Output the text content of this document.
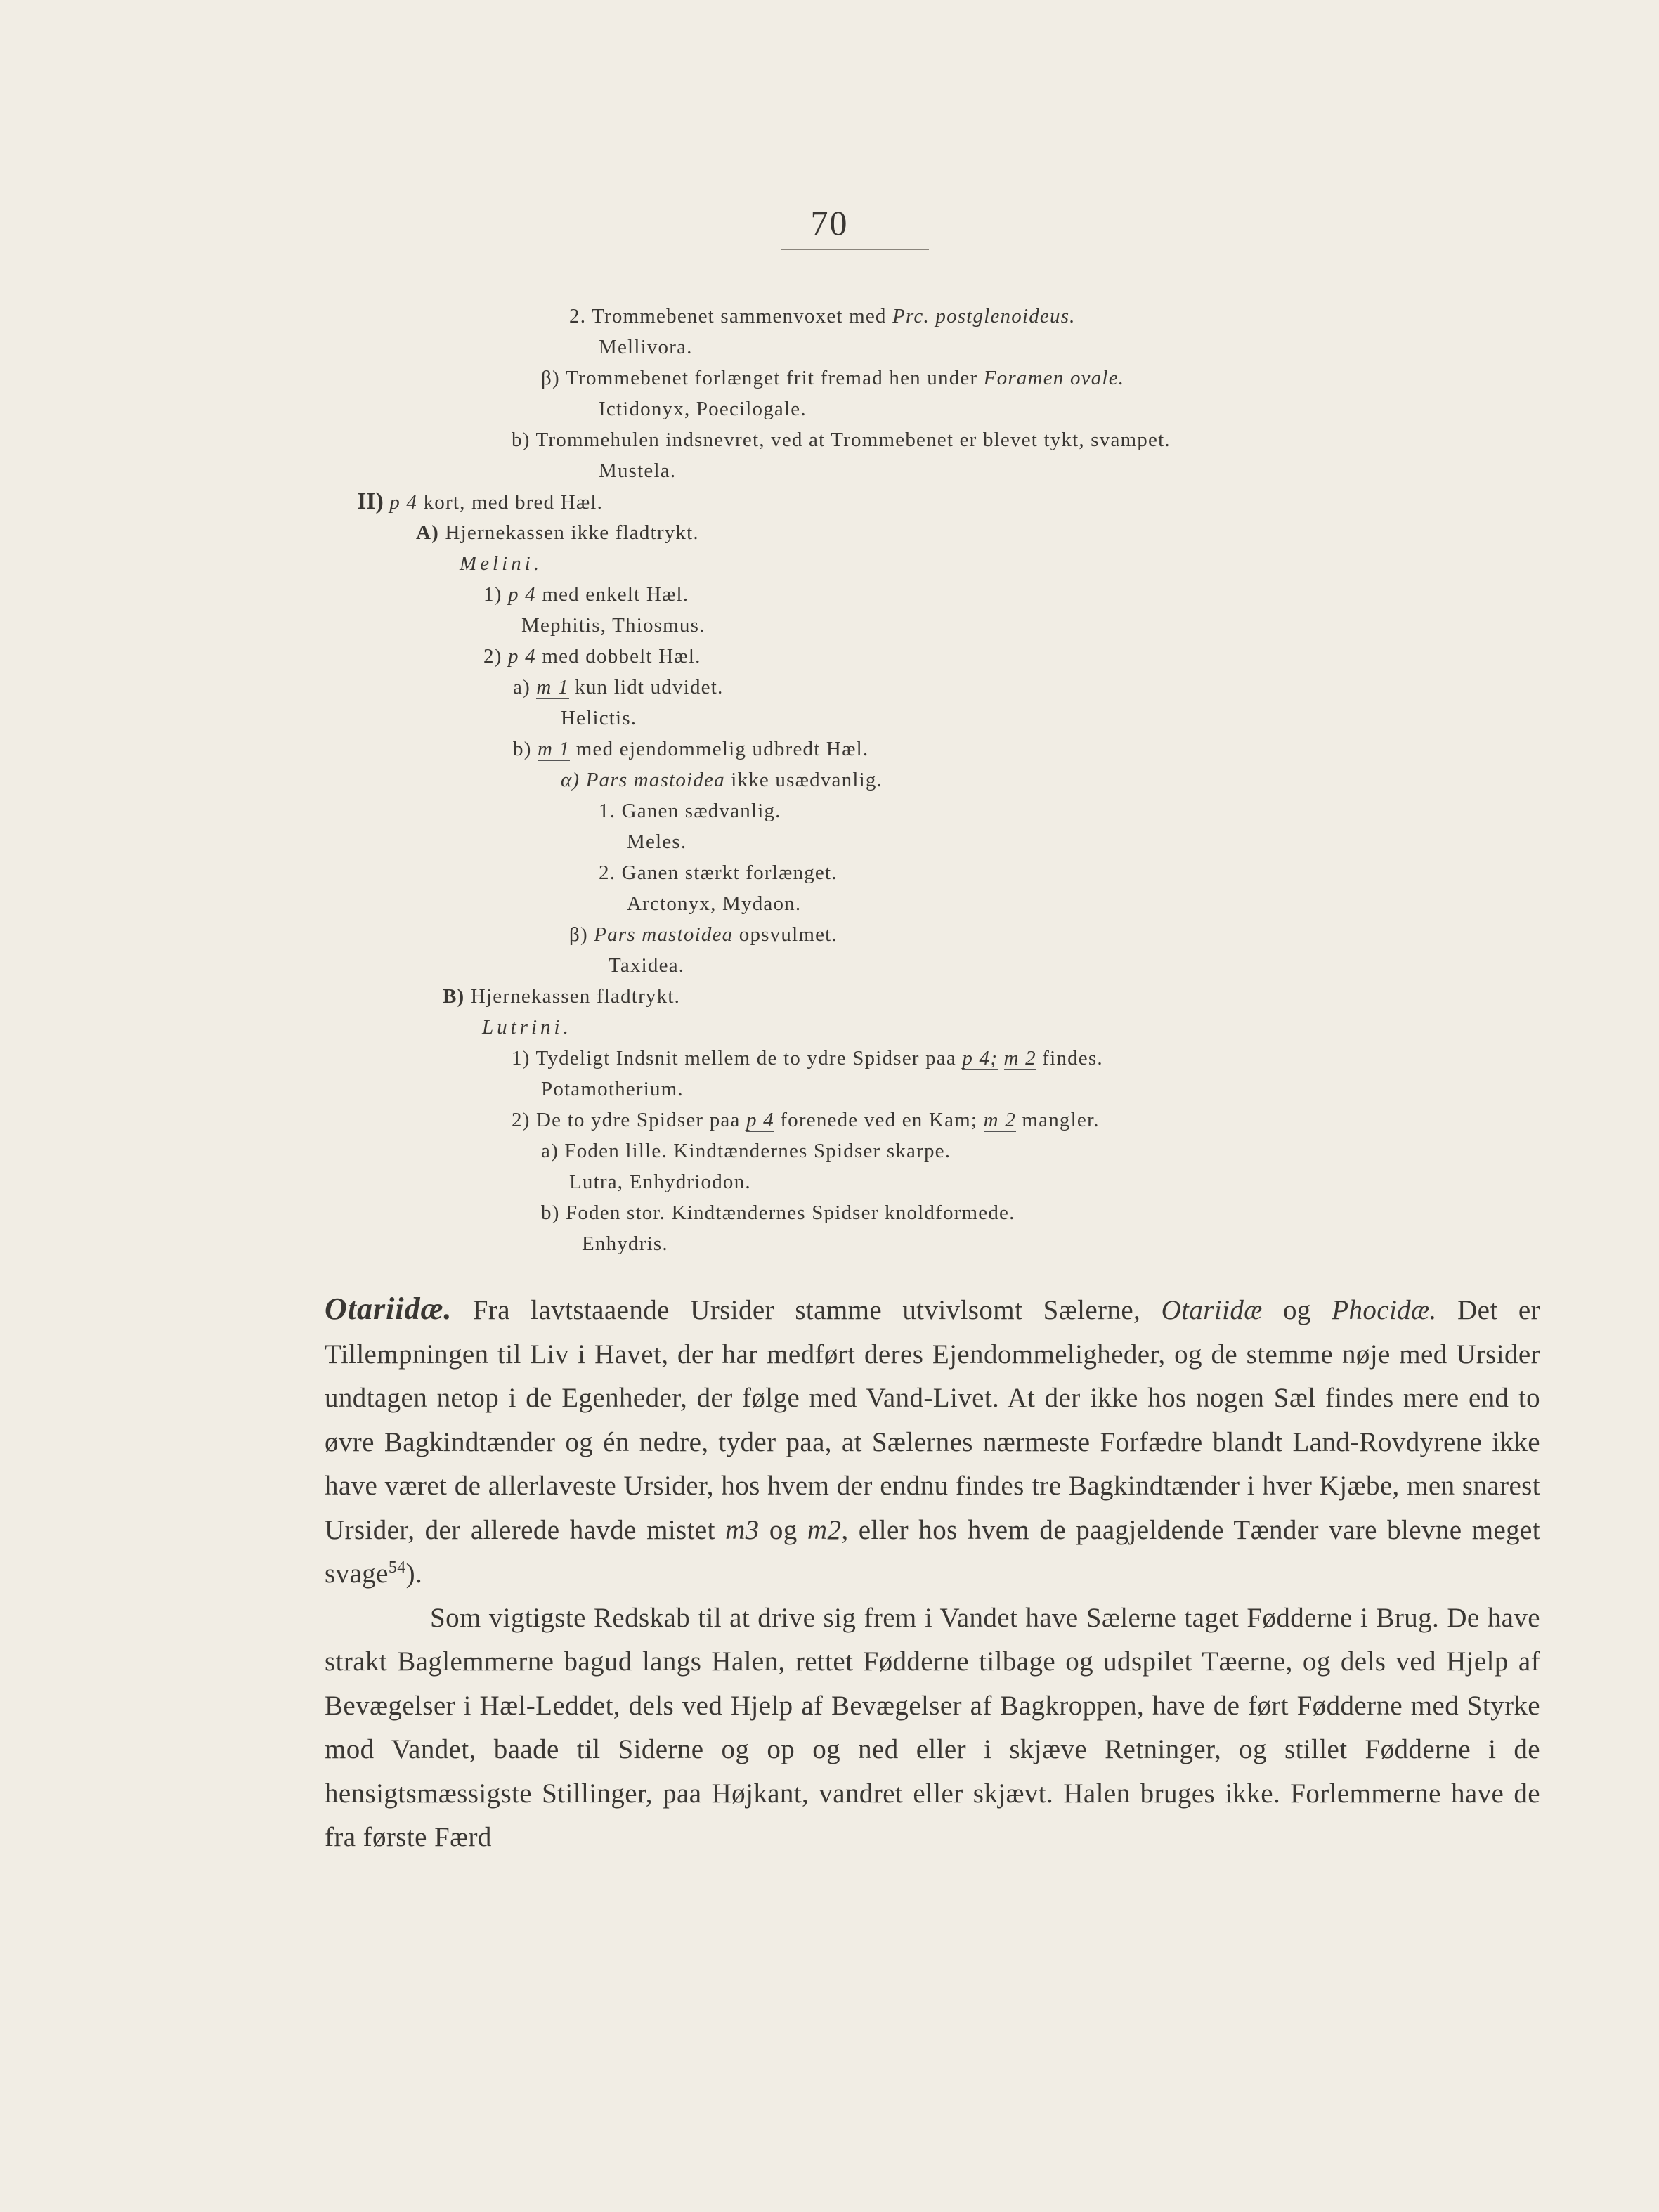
70
2. Trommebenet sammenvoxet med Prc. postglenoideus.
Mellivora.
β) Trommebenet forlænget frit fremad hen under Foramen ovale.
Ictidonyx, Poecilogale.
b) Trommehulen indsnevret, ved at Trommebenet er blevet tykt, svampet.
Mustela.
II) p 4 kort, med bred Hæl.
A) Hjernekassen ikke fladtrykt.
Melini.
1) p 4 med enkelt Hæl.
Mephitis, Thiosmus.
2) p 4 med dobbelt Hæl.
a) m 1 kun lidt udvidet.
Helictis.
b) m 1 med ejendommelig udbredt Hæl.
α) Pars mastoidea ikke usædvanlig.
1. Ganen sædvanlig.
Meles.
2. Ganen stærkt forlænget.
Arctonyx, Mydaon.
β) Pars mastoidea opsvulmet.
Taxidea.
B) Hjernekassen fladtrykt.
Lutrini.
1) Tydeligt Indsnit mellem de to ydre Spidser paa p 4; m 2 findes.
Potamotherium.
2) De to ydre Spidser paa p 4 forenede ved en Kam; m 2 mangler.
a) Foden lille. Kindtændernes Spidser skarpe.
Lutra, Enhydriodon.
b) Foden stor. Kindtændernes Spidser knoldformede.
Enhydris.

Otariidæ. Fra lavtstaaende Ursider stamme utvivlsomt Sælerne, Otariidæ og Phocidæ. Det er Tillempningen til Liv i Havet, der har medført deres Ejendommeligheder, og de stemme nøje med Ursider undtagen netop i de Egenheder, der følge med Vand-Livet. At der ikke hos nogen Sæl findes mere end to øvre Bagkindtænder og én nedre, tyder paa, at Sælernes nærmeste Forfædre blandt Land-Rovdyrene ikke have været de allerlaveste Ursider, hos hvem der endnu findes tre Bagkindtænder i hver Kjæbe, men snarest Ursider, der allerede havde mistet m3 og m2, eller hos hvem de paagjeldende Tænder vare blevne meget svage$^{54}$).

Som vigtigste Redskab til at drive sig frem i Vandet have Sælerne taget Fødderne i Brug. De have strakt Baglemmerne bagud langs Halen, rettet Fødderne tilbage og udspilet Tæerne, og dels ved Hjelp af Bevægelser i Hæl-Leddet, dels ved Hjelp af Bevægelser af Bagkroppen, have de ført Fødderne med Styrke mod Vandet, baade til Siderne og op og ned eller i skjæve Retninger, og stillet Fødderne i de hensigtsmæssigste Stillinger, paa Højkant, vandret eller skjævt. Halen bruges ikke. Forlemmerne have de fra første Færd
